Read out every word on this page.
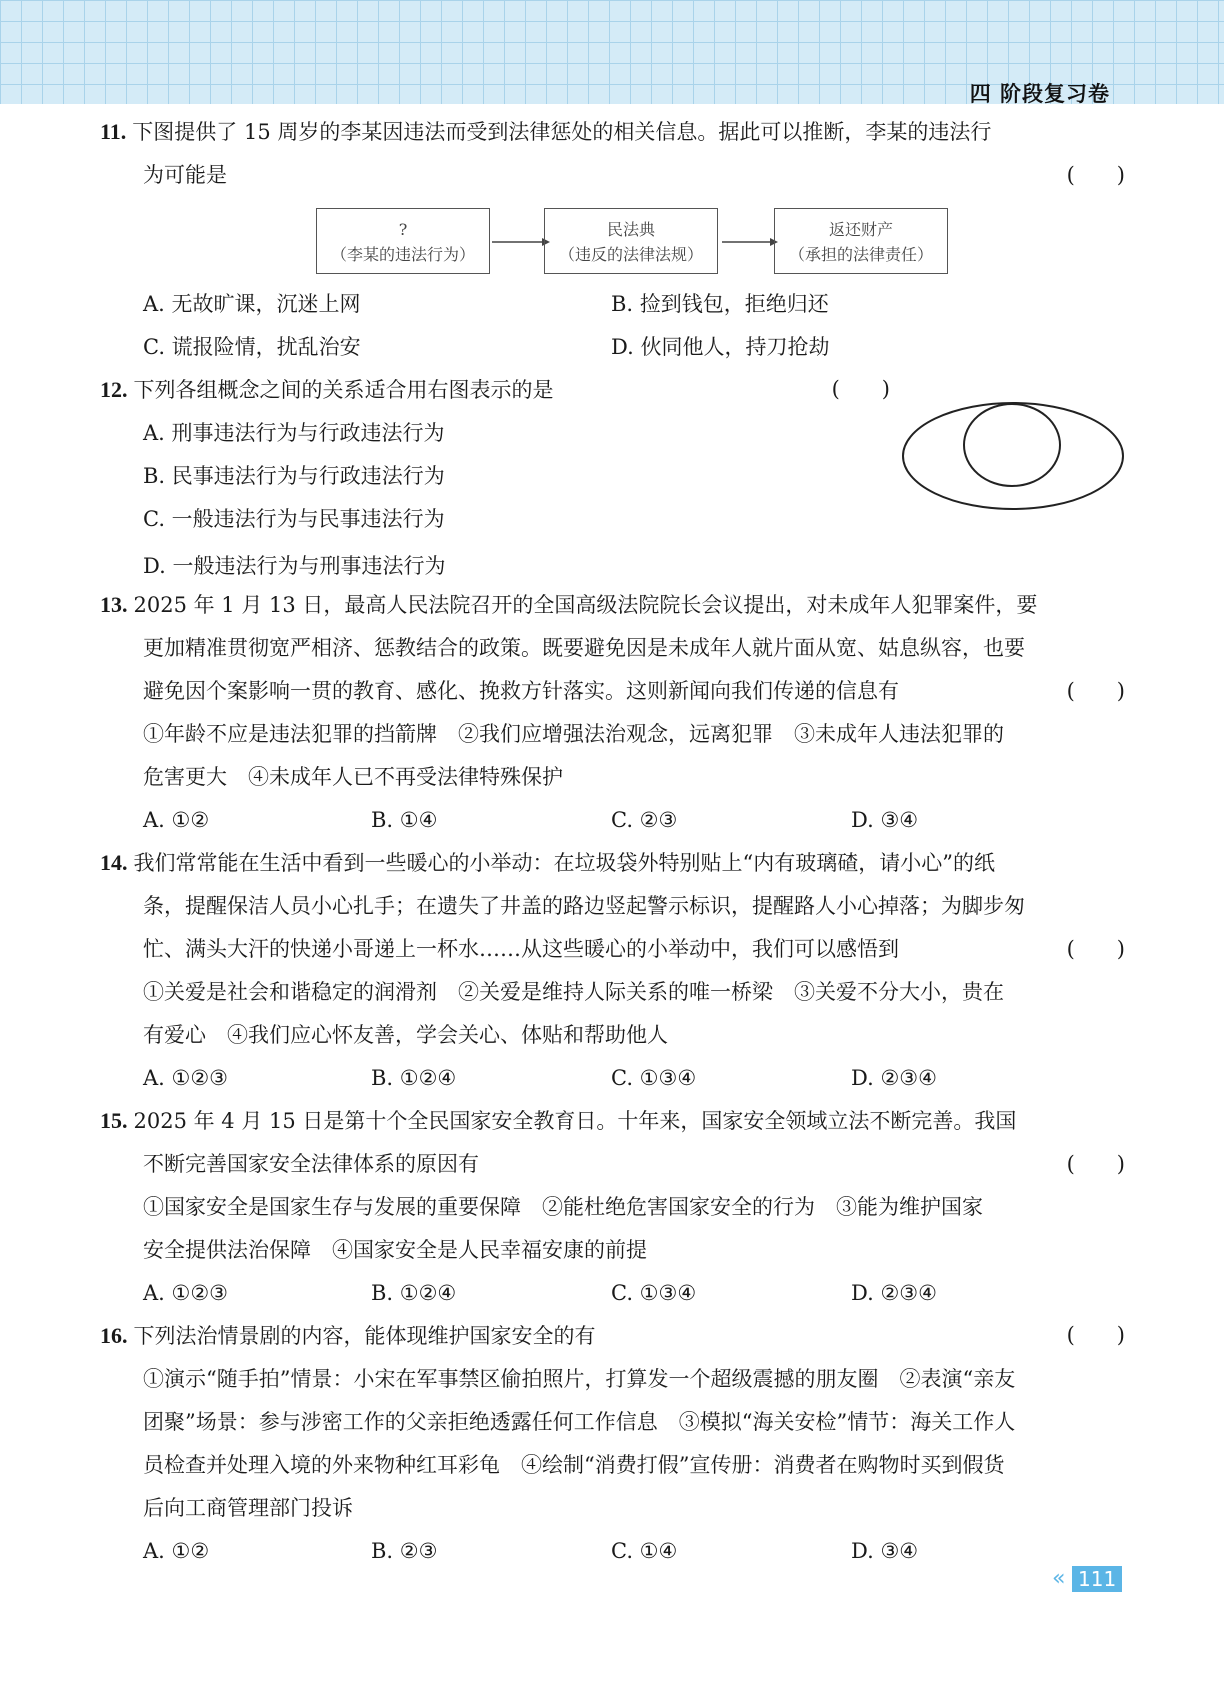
四 阶段复习卷
11. 下图提供了 15 周岁的李某因违法而受到法律惩处的相关信息。据此可以推断，李某的违法行
为可能是	(　　)
?
（李某的违法行为）
民法典
（违反的法律法规）
返还财产
（承担的法律责任）
A. 无故旷课，沉迷上网	B. 捡到钱包，拒绝归还
C. 谎报险情，扰乱治安	D. 伙同他人，持刀抢劫
12. 下列各组概念之间的关系适合用右图表示的是	(　　)
A. 刑事违法行为与行政违法行为
B. 民事违法行为与行政违法行为
C. 一般违法行为与民事违法行为
D. 一般违法行为与刑事违法行为
13. 2025 年 1 月 13 日，最高人民法院召开的全国高级法院院长会议提出，对未成年人犯罪案件，要
更加精准贯彻宽严相济、惩教结合的政策。既要避免因是未成年人就片面从宽、姑息纵容，也要
避免因个案影响一贯的教育、感化、挽救方针落实。这则新闻向我们传递的信息有	(　　)
①年龄不应是违法犯罪的挡箭牌　②我们应增强法治观念，远离犯罪　③未成年人违法犯罪的
危害更大　④未成年人已不再受法律特殊保护
A. ①②	B. ①④	C. ②③	D. ③④
14. 我们常常能在生活中看到一些暖心的小举动：在垃圾袋外特别贴上“内有玻璃碴，请小心”的纸
条，提醒保洁人员小心扎手；在遗失了井盖的路边竖起警示标识，提醒路人小心掉落；为脚步匆
忙、满头大汗的快递小哥递上一杯水……从这些暖心的小举动中，我们可以感悟到	(　　)
①关爱是社会和谐稳定的润滑剂　②关爱是维持人际关系的唯一桥梁　③关爱不分大小，贵在
有爱心　④我们应心怀友善，学会关心、体贴和帮助他人
A. ①②③	B. ①②④	C. ①③④	D. ②③④
15. 2025 年 4 月 15 日是第十个全民国家安全教育日。十年来，国家安全领域立法不断完善。我国
不断完善国家安全法律体系的原因有	(　　)
①国家安全是国家生存与发展的重要保障　②能杜绝危害国家安全的行为　③能为维护国家
安全提供法治保障　④国家安全是人民幸福安康的前提
A. ①②③	B. ①②④	C. ①③④	D. ②③④
16. 下列法治情景剧的内容，能体现维护国家安全的有	(　　)
①演示“随手拍”情景：小宋在军事禁区偷拍照片，打算发一个超级震撼的朋友圈　②表演“亲友
团聚”场景：参与涉密工作的父亲拒绝透露任何工作信息　③模拟“海关安检”情节：海关工作人
员检查并处理入境的外来物种红耳彩龟　④绘制“消费打假”宣传册：消费者在购物时买到假货
后向工商管理部门投诉
A. ①②	B. ②③	C. ①④	D. ③④
« 111
